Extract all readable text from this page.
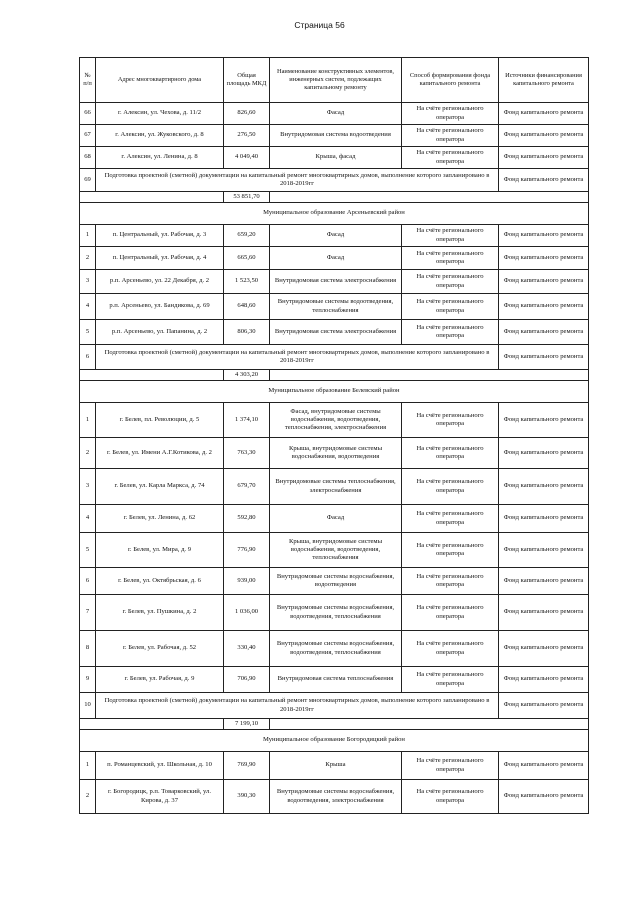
Страница 56
№ п/п	Адрес многоквартирного дома	Общая площадь МКД	Наименование конструктивных элементов, инженерных систем, подлежащих капитальному ремонту	Способ формирования фонда капитального ремонта	Источники финансирования капитального ремонта
66	г. Алексин, ул. Чехова, д. 11/2	826,60	Фасад	На счёте регионального оператора	Фонд капитального ремонта
67	г. Алексин, ул. Жуковского, д. 8	276,50	Внутридомовая система водоотведения	На счёте регионального оператора	Фонд капитального ремонта
68	г. Алексин, ул. Ленина, д. 8	4 049,40	Крыша, фасад	На счёте регионального оператора	Фонд капитального ремонта
69	Подготовка проектной (сметной) документации на капитальный ремонт многоквартирных домов, выполнение которого запланировано в 2018-2019гг				Фонд капитального ремонта
		53 851,70			
Муниципальное образование Арсеньевский район					
1	п. Центральный, ул. Рабочая, д. 3	659,20	Фасад	На счёте регионального оператора	Фонд капитального ремонта
2	п. Центральный, ул. Рабочая, д. 4	665,60	Фасад	На счёте регионального оператора	Фонд капитального ремонта
3	р.п. Арсеньево, ул. 22 Декабря, д. 2	1 523,50	Внутридомовая система электроснабжения	На счёте регионального оператора	Фонд капитального ремонта
4	р.п. Арсеньево, ул. Бандикова, д. 69	648,60	Внутридомовые системы водоотведения, теплоснабжения	На счёте регионального оператора	Фонд капитального ремонта
5	р.п. Арсеньево, ул. Папанина, д. 2	806,30	Внутридомовая система электроснабжения	На счёте регионального оператора	Фонд капитального ремонта
6	Подготовка проектной (сметной) документации на капитальный ремонт многоквартирных домов, выполнение которого запланировано в 2018-2019гг				Фонд капитального ремонта
		4 303,20			
Муниципальное образование Белевский район					
1	г. Белев, пл. Революции, д. 5	1 374,10	Фасад, внутридомовые системы водоснабжения, водоотведения, теплоснабжения, электроснабжения	На счёте регионального оператора	Фонд капитального ремонта
2	г. Белев, ул. Имени А.Г.Котикова, д. 2	763,30	Крыша, внутридомовые системы водоснабжения, водоотведения	На счёте регионального оператора	Фонд капитального ремонта
3	г. Белев, ул. Карла Маркса, д. 74	679,70	Внутридомовые системы теплоснабжения, электроснабжения	На счёте регионального оператора	Фонд капитального ремонта
4	г. Белев, ул. Ленина, д. 62	592,80	Фасад	На счёте регионального оператора	Фонд капитального ремонта
5	г. Белев, ул. Мира, д. 9	776,90	Крыша, внутридомовые системы водоснабжения, водоотведения, теплоснабжения	На счёте регионального оператора	Фонд капитального ремонта
6	г. Белев, ул. Октябрьская, д. 6	939,00	Внутридомовые системы водоснабжения, водоотведения	На счёте регионального оператора	Фонд капитального ремонта
7	г. Белев, ул. Пушкина, д. 2	1 036,00	Внутридомовые системы водоснабжения, водоотведения, теплоснабжения	На счёте регионального оператора	Фонд капитального ремонта
8	г. Белев, ул. Рабочая, д. 52	330,40	Внутридомовые системы водоснабжения, водоотведения, теплоснабжения	На счёте регионального оператора	Фонд капитального ремонта
9	г. Белев, ул. Рабочая, д. 9	706,90	Внутридомовая система теплоснабжения	На счёте регионального оператора	Фонд капитального ремонта
10	Подготовка проектной (сметной) документации на капитальный ремонт многоквартирных домов, выполнение которого запланировано в 2018-2019гг				Фонд капитального ремонта
		7 199,10			
Муниципальное образование Богородицкий район					
1	п. Романцевский, ул. Школьная, д. 10	769,90	Крыша	На счёте регионального оператора	Фонд капитального ремонта
2	г. Богородицк, р.п. Товарковский, ул. Кирова, д. 37	390,30	Внутридомовые системы водоснабжения, водоотведения, электроснабжения	На счёте регионального оператора	Фонд капитального ремонта
